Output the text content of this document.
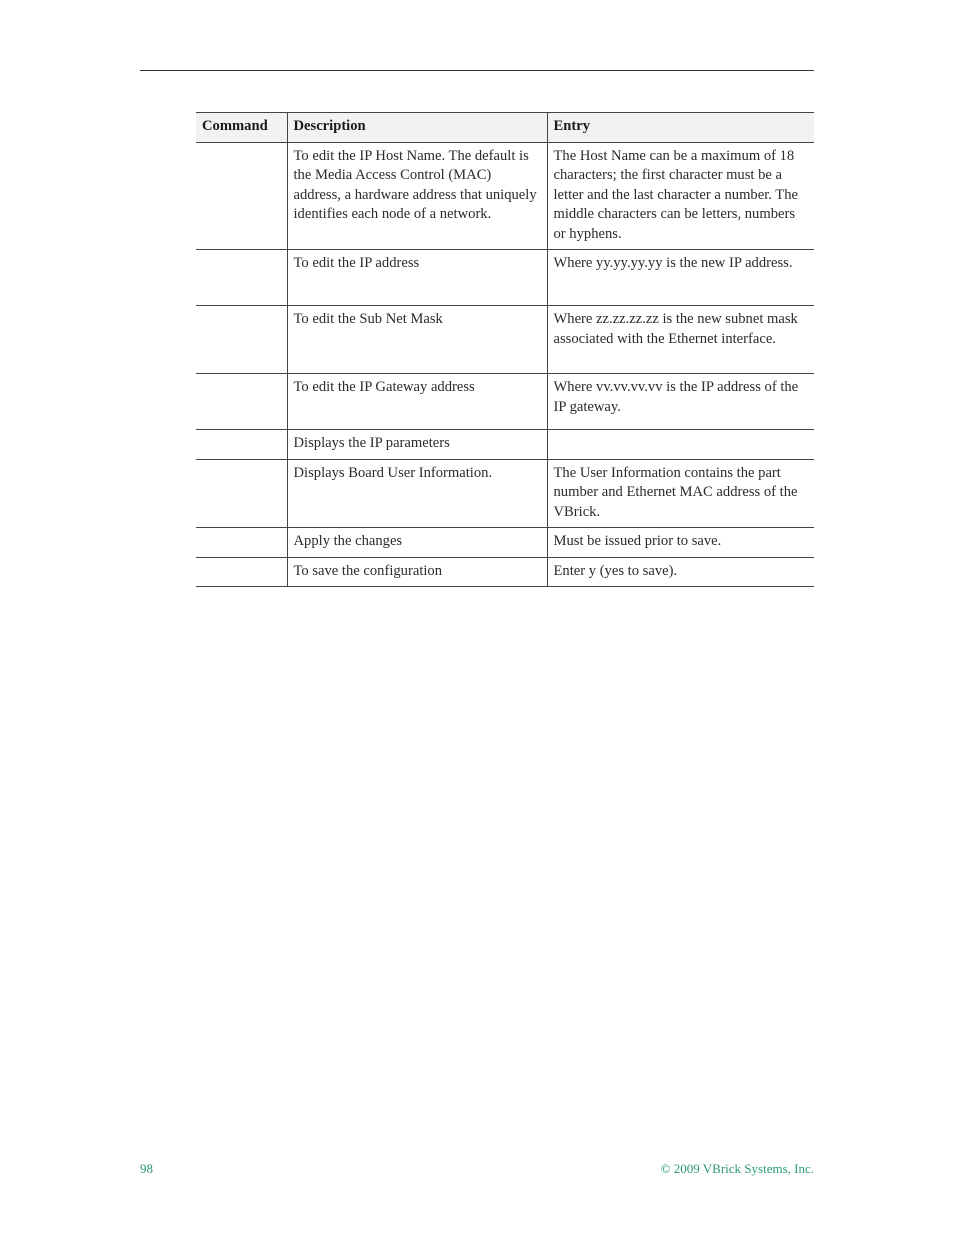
Command	Description	Entry
	To edit the IP Host Name. The default is the Media Access Control (MAC) address, a hardware address that uniquely identifies each node of a network.	The Host Name can be a maximum of 18 characters; the first character must be a letter and the last character a number. The middle characters can be letters, numbers or hyphens.
	To edit the IP address	Where yy.yy.yy.yy is the new IP address.
	To edit the Sub Net Mask	Where zz.zz.zz.zz is the new subnet mask associated with the Ethernet interface.
	To edit the IP Gateway address	Where vv.vv.vv.vv is the IP address of the IP gateway.
	Displays the IP parameters	
	Displays Board User Information.	The User Information contains the part number and Ethernet MAC address of the VBrick.
	Apply the changes	Must be issued prior to save.
	To save the configuration	Enter y (yes to save).
98	© 2009 VBrick Systems, Inc.
